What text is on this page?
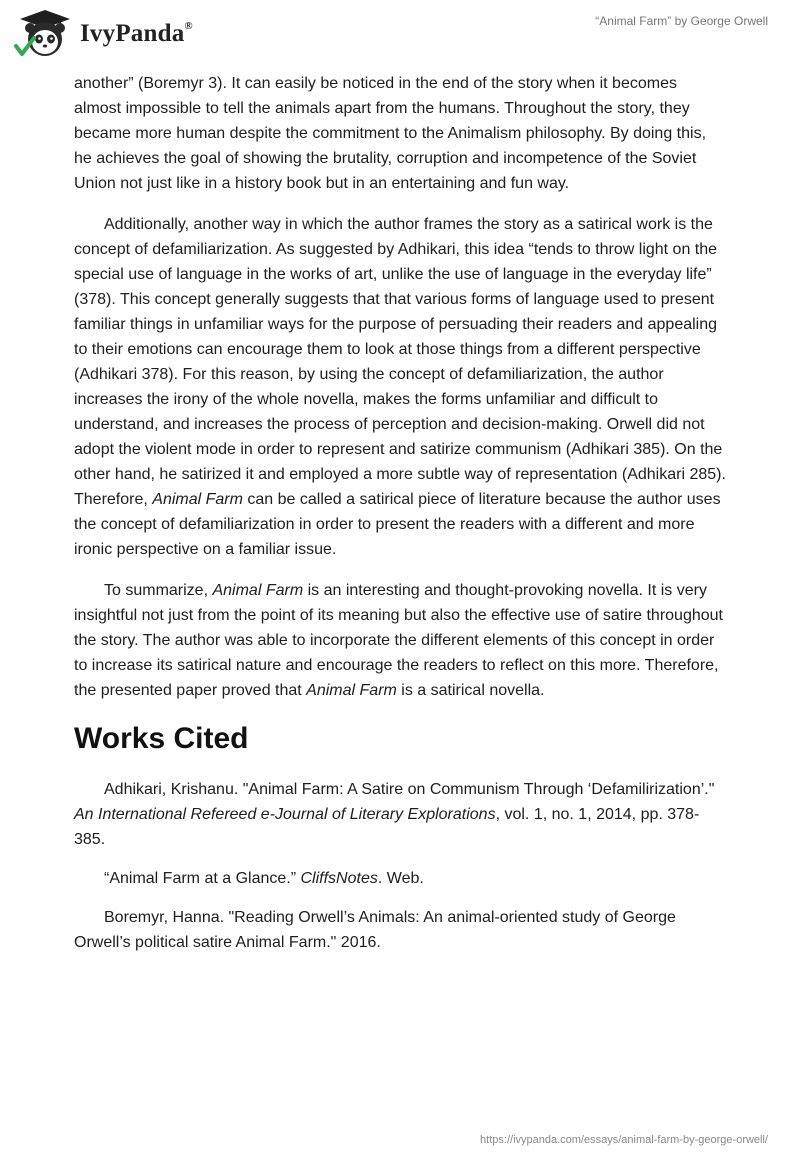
IvyPanda®	“Animal Farm” by George Orwell

another” (Boremyr 3). It can easily be noticed in the end of the story when it becomes almost impossible to tell the animals apart from the humans. Throughout the story, they became more human despite the commitment to the Animalism philosophy. By doing this, he achieves the goal of showing the brutality, corruption and incompetence of the Soviet Union not just like in a history book but in an entertaining and fun way.

Additionally, another way in which the author frames the story as a satirical work is the concept of defamiliarization. As suggested by Adhikari, this idea “tends to throw light on the special use of language in the works of art, unlike the use of language in the everyday life” (378). This concept generally suggests that that various forms of language used to present familiar things in unfamiliar ways for the purpose of persuading their readers and appealing to their emotions can encourage them to look at those things from a different perspective (Adhikari 378). For this reason, by using the concept of defamiliarization, the author increases the irony of the whole novella, makes the forms unfamiliar and difficult to understand, and increases the process of perception and decision-making. Orwell did not adopt the violent mode in order to represent and satirize communism (Adhikari 385). On the other hand, he satirized it and employed a more subtle way of representation (Adhikari 285). Therefore, Animal Farm can be called a satirical piece of literature because the author uses the concept of defamiliarization in order to present the readers with a different and more ironic perspective on a familiar issue.

To summarize, Animal Farm is an interesting and thought-provoking novella. It is very insightful not just from the point of its meaning but also the effective use of satire throughout the story. The author was able to incorporate the different elements of this concept in order to increase its satirical nature and encourage the readers to reflect on this more. Therefore, the presented paper proved that Animal Farm is a satirical novella.

Works Cited

Adhikari, Krishanu. "Animal Farm: A Satire on Communism Through ‘Defamilirization’." An International Refereed e-Journal of Literary Explorations, vol. 1, no. 1, 2014, pp. 378-385.

“Animal Farm at a Glance.” CliffsNotes. Web.

Boremyr, Hanna. "Reading Orwell’s Animals: An animal-oriented study of George Orwell’s political satire Animal Farm." 2016.

https://ivypanda.com/essays/animal-farm-by-george-orwell/
